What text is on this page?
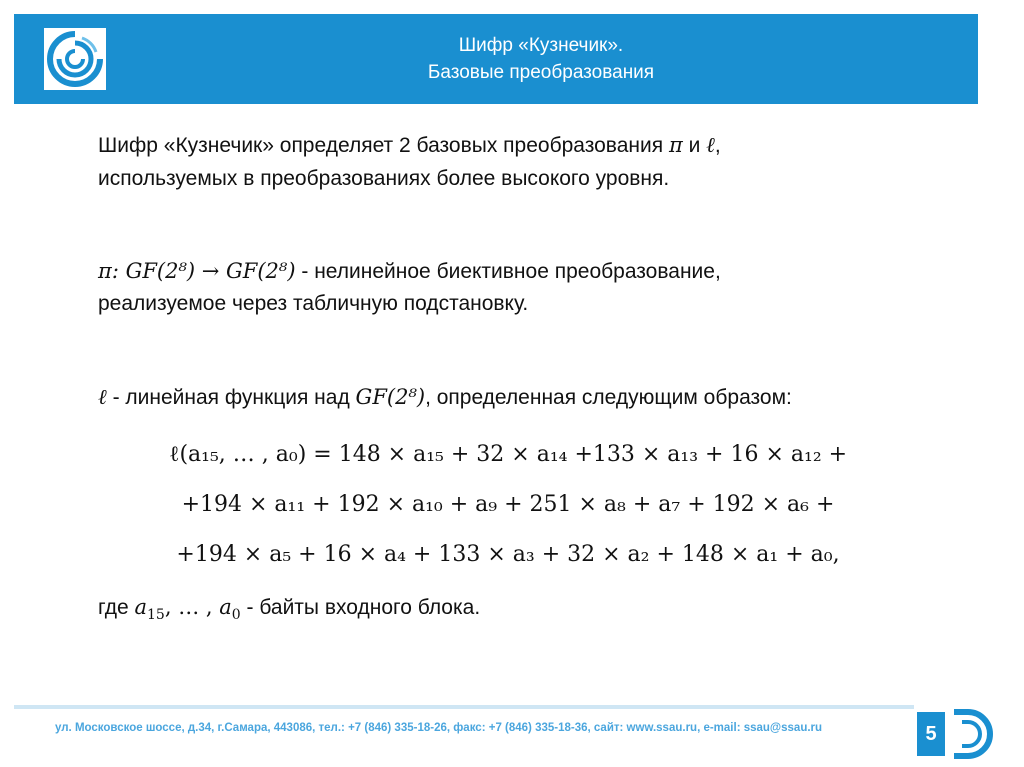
Шифр «Кузнечик».
Базовые преобразования
Шифр «Кузнечик» определяет 2 базовых преобразования π и ℓ,
используемых в преобразованиях более высокого уровня.
π: GF(2⁸) → GF(2⁸) - нелинейное биективное преобразование,
реализуемое через табличную подстановку.
ℓ - линейная функция над GF(2⁸), определенная следующим образом:
ℓ(a₁₅, … , a₀) = 148 × a₁₅ + 32 × a₁₄ +133 × a₁₃ + 16 × a₁₂ +
+194 × a₁₁ + 192 × a₁₀ + a₉ + 251 × a₈ + a₇ + 192 × a₆ +
+194 × a₅ + 16 × a₄ + 133 × a₃ + 32 × a₂ + 148 × a₁ + a₀,
где $a_{15}$, … , $a_0$ - байты входного блока.
ул. Московское шоссе, д.34, г.Самара, 443086, тел.: +7 (846) 335-18-26, факс: +7 (846) 335-18-36, сайт: www.ssau.ru, e-mail: ssau@ssau.ru	5
